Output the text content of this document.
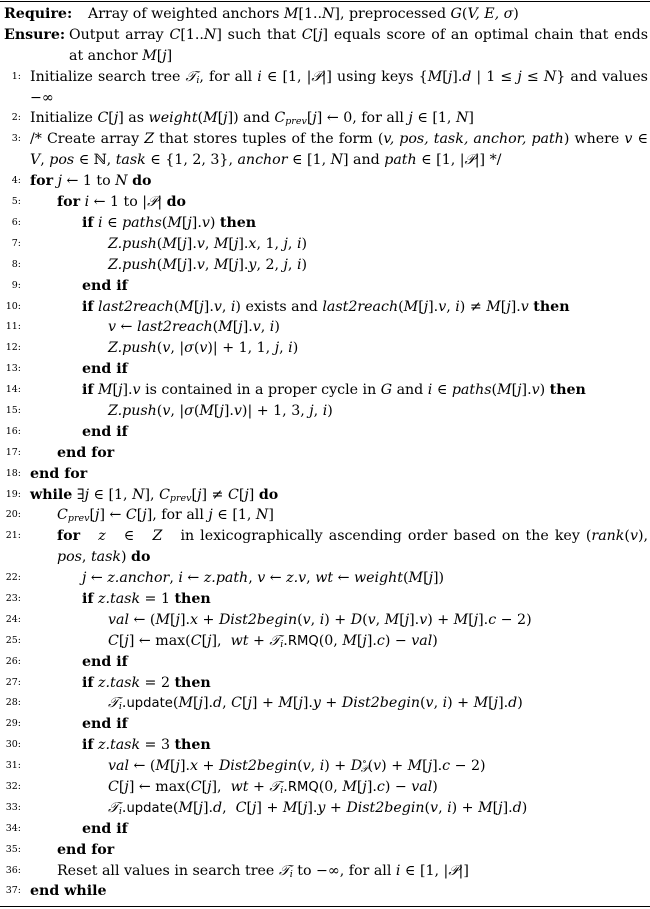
Require: Array of weighted anchors M[1..N], preprocessed G(V, E, σ)
Ensure: Output array C[1..N] such that C[j] equals score of an optimal chain that ends at anchor M[j]
1: Initialize search tree 𝒯$_i$, for all i ∈ [1, |𝒫|] using keys {M[j].d | 1 ≤ j ≤ N} and values −∞
2: Initialize C[j] as weight(M[j]) and $C_{prev}[j]$ ← 0, for all j ∈ [1, N]
3: /* Create array Z that stores tuples of the form (v, pos, task, anchor, path) where v ∈ V, pos ∈ ℕ, task ∈ {1, 2, 3}, anchor ∈ [1, N] and path ∈ [1, |𝒫|] */
4: for j ← 1 to N do
5:	for i ← 1 to |𝒫| do
6:	if i ∈ paths(M[j].v) then
7:	Z.push(M[j].v, M[j].x, 1, j, i)
8:	Z.push(M[j].v, M[j].y, 2, j, i)
9:	end if
10:	if last2reach(M[j].v, i) exists and last2reach(M[j].v, i) ≠ M[j].v then
11:	v ← last2reach(M[j].v, i)
12:	Z.push(v, |σ(v)| + 1, 1, j, i)
13:	end if
14:	if M[j].v is contained in a proper cycle in G and i ∈ paths(M[j].v) then
15:	Z.push(v, |σ(M[j].v)| + 1, 3, j, i)
16:	end if
17:	end for
18: end for
19: while ∃j ∈ [1, N], $C_{prev}[j] \ne C[j]$ do
20:	$C_{prev}[j]$ ← C[j], for all j ∈ [1, N]
21:	for z   ∈   Z   in lexicographically ascending order based on the key (rank(v), pos, task) do
22:	j ← z.anchor, i ← z.path, v ← z.v, wt ← weight(M[j])
23:	if z.task = 1 then
24:	val ← (M[j].x + Dist2begin(v, i) + D(v, M[j].v) + M[j].c − 2)
25:	C[j] ← max(C[j],  wt + 𝒯$_i$.RMQ(0, M[j].c) − val)
26:	end if
27:	if z.task = 2 then
28:	𝒯$_i$.update(M[j].d, C[j] + M[j].y + Dist2begin(v, i) + M[j].d)
29:	end if
30:	if z.task = 3 then
31:	val ← (M[j].x + Dist2begin(v, $i) + D^\circ_𝒫(v) + M[j].c - 2$)
32:	C[j] ← max(C[j],  wt + 𝒯$_i$.RMQ(0, M[j].c) − val)
33:	𝒯$_i$.update(M[j].d,  C[j] + M[j].y + Dist2begin(v, i) + M[j].d)
34:	end if
35:	end for
36:	Reset all values in search tree 𝒯$_i$ to −∞, for all i ∈ [1, |𝒫|]
37: end while
